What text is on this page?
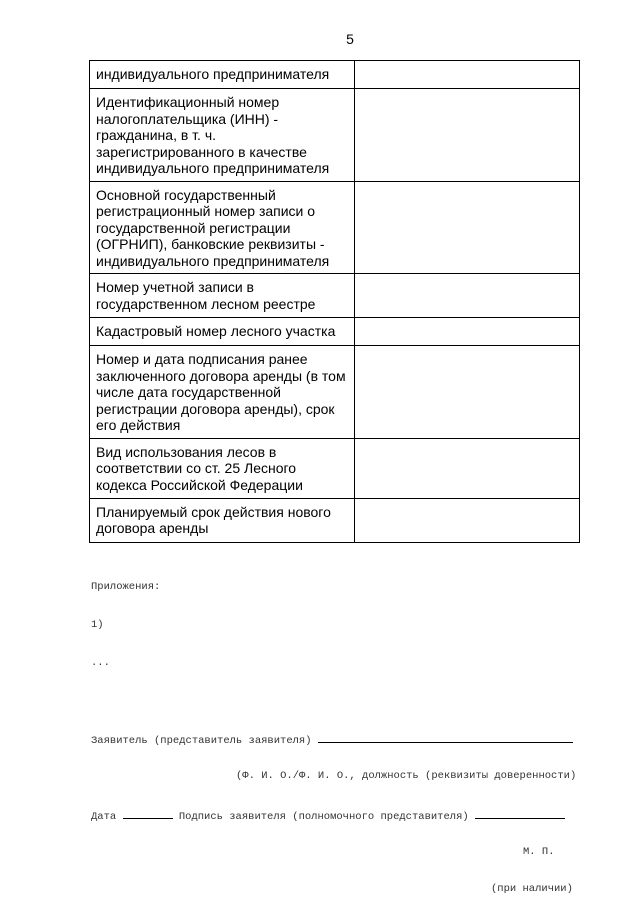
5
индивидуального предпринимателя	
Идентификационный номер налогоплательщика (ИНН) - гражданина, в т. ч. зарегистрированного в качестве индивидуального предпринимателя	
Основной государственный регистрационный номер записи о государственной регистрации (ОГРНИП), банковские реквизиты - индивидуального предпринимателя	
Номер учетной записи в государственном лесном реестре	
Кадастровый номер лесного участка	
Номер и дата подписания ранее заключенного договора аренды (в том числе дата государственной регистрации договора аренды), срок его действия	
Вид использования лесов в соответствии со ст. 25 Лесного кодекса Российской Федерации	
Планируемый срок действия нового договора аренды	

Приложения:

1)

...

Заявитель (представитель заявителя)

(Ф. И. О./Ф. И. О., должность (реквизиты доверенности)

Дата	Подпись заявителя (полномочного представителя)

М. П.

(при наличии)
